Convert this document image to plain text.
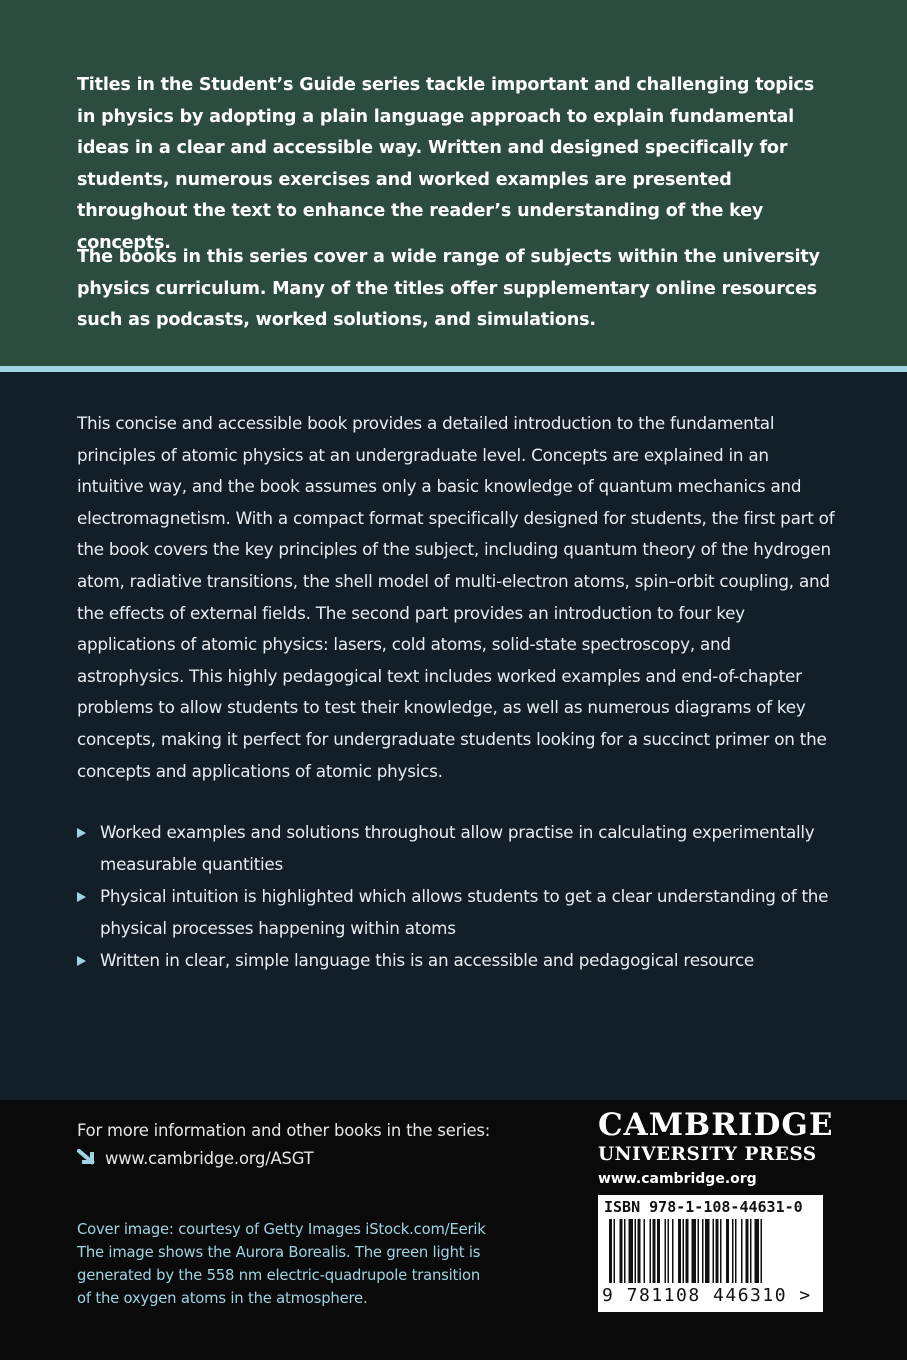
Titles in the Student’s Guide series tackle important and challenging topics in physics by adopting a plain language approach to explain fundamental ideas in a clear and accessible way. Written and designed specifically for students, numerous exercises and worked examples are presented throughout the text to enhance the reader’s understanding of the key concepts.

The books in this series cover a wide range of subjects within the university physics curriculum. Many of the titles offer supplementary online resources such as podcasts, worked solutions, and simulations.

This concise and accessible book provides a detailed introduction to the fundamental principles of atomic physics at an undergraduate level. Concepts are explained in an intuitive way, and the book assumes only a basic knowledge of quantum mechanics and electromagnetism. With a compact format specifically designed for students, the first part of the book covers the key principles of the subject, including quantum theory of the hydrogen atom, radiative transitions, the shell model of multi-electron atoms, spin–orbit coupling, and the effects of external fields. The second part provides an introduction to four key applications of atomic physics: lasers, cold atoms, solid-state spectroscopy, and astrophysics. This highly pedagogical text includes worked examples and end-of-chapter problems to allow students to test their knowledge, as well as numerous diagrams of key concepts, making it perfect for undergraduate students looking for a succinct primer on the concepts and applications of atomic physics.

Worked examples and solutions throughout allow practise in calculating experimentally measurable quantities
Physical intuition is highlighted which allows students to get a clear understanding of the physical processes happening within atoms
Written in clear, simple language this is an accessible and pedagogical resource

For more information and other books in the series:

www.cambridge.org/ASGT

Cover image: courtesy of Getty Images iStock.com/Eerik The image shows the Aurora Borealis. The green light is generated by the 558 nm electric-quadrupole transition of the oxygen atoms in the atmosphere.

CAMBRIDGE

UNIVERSITY PRESS

www.cambridge.org

ISBN 978-1-108-44631-0

9 781108 446310 >
